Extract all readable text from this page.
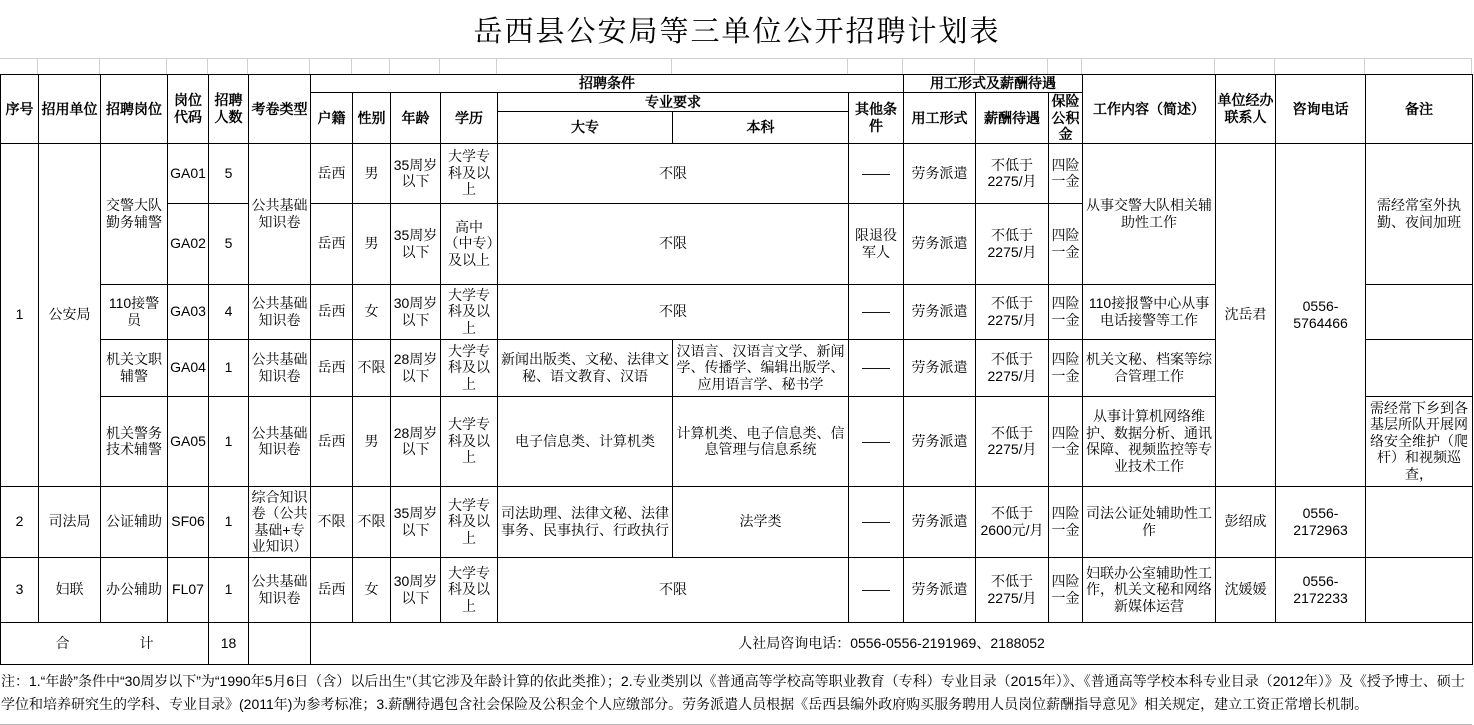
岳西县公安局等三单位公开招聘计划表
序号	招用单位	招聘岗位	岗位代码	招聘人数	考卷类型	招聘条件							用工形式及薪酬待遇			工作内容（简述）	单位经办联系人	咨询电话	备注
						户籍	性别	年龄	学历	专业要求		其他条件	用工形式	薪酬待遇	保险公积金				
										大专	本科								
1	公安局	交警大队勤务辅警	GA01	5	公共基础知识卷	岳西	男	35周岁以下	大学专科及以上	不限		——	劳务派遣	不低于2275/月	四险一金	从事交警大队相关辅助性工作	沈岳君	0556-5764466	需经常室外执勤、夜间加班
			GA02	5		岳西	男	35周岁以下	高中（中专）及以上	不限		限退役军人	劳务派遣	不低于2275/月	四险一金				
		110接警员	GA03	4	公共基础知识卷	岳西	女	30周岁以下	大学专科及以上	不限		——	劳务派遣	不低于2275/月	四险一金	110接报警中心从事电话接警等工作			
		机关文职辅警	GA04	1	公共基础知识卷	岳西	不限	28周岁以下	大学专科及以上	新闻出版类、文秘、法律文秘、语文教育、汉语	汉语言、汉语言文学、新闻学、传播学、编辑出版学、应用语言学、秘书学	——	劳务派遣	不低于2275/月	四险一金	机关文秘、档案等综合管理工作			
		机关警务技术辅警	GA05	1	公共基础知识卷	岳西	男	28周岁以下	大学专科及以上	电子信息类、计算机类	计算机类、电子信息类、信息管理与信息系统	——	劳务派遣	不低于2275/月	四险一金	从事计算机网络维护、数据分析、通讯保障、视频监控等专业技术工作			需经常下乡到各基层所队开展网络安全维护（爬杆）和视频巡查，
2	司法局	公证辅助	SF06	1	综合知识卷（公共基础+专业知识）	不限	不限	35周岁以下	大学专科及以上	司法助理、法律文秘、法律事务、民事执行、行政执行	法学类	——	劳务派遣	不低于2600元/月	四险一金	司法公证处辅助性工作	彭绍成	0556-2172963	
3	妇联	办公辅助	FL07	1	公共基础知识卷	岳西	女	30周岁以下	大学专科及以上	不限		——	劳务派遣	不低于2275/月	四险一金	妇联办公室辅助性工作，机关文秘和网络新媒体运营	沈媛媛	0556-2172233	
合　　　　　计				18		人社局咨询电话：0556-0556-2191969、2188052													
注：1.“年龄”条件中“30周岁以下”为“1990年5月6日（含）以后出生”（其它涉及年龄计算的依此类推）；2.专业类别以《普通高等学校高等职业教育（专科）专业目录（2015年）》、《普通高等学校本科专业目录（2012年）》及《授予博士、硕士学位和培养研究生的学科、专业目录》(2011年)为参考标准；3.薪酬待遇包含社会保险及公积金个人应缴部分。劳务派遣人员根据《岳西县编外政府购买服务聘用人员岗位薪酬指导意见》相关规定，建立工资正常增长机制。
